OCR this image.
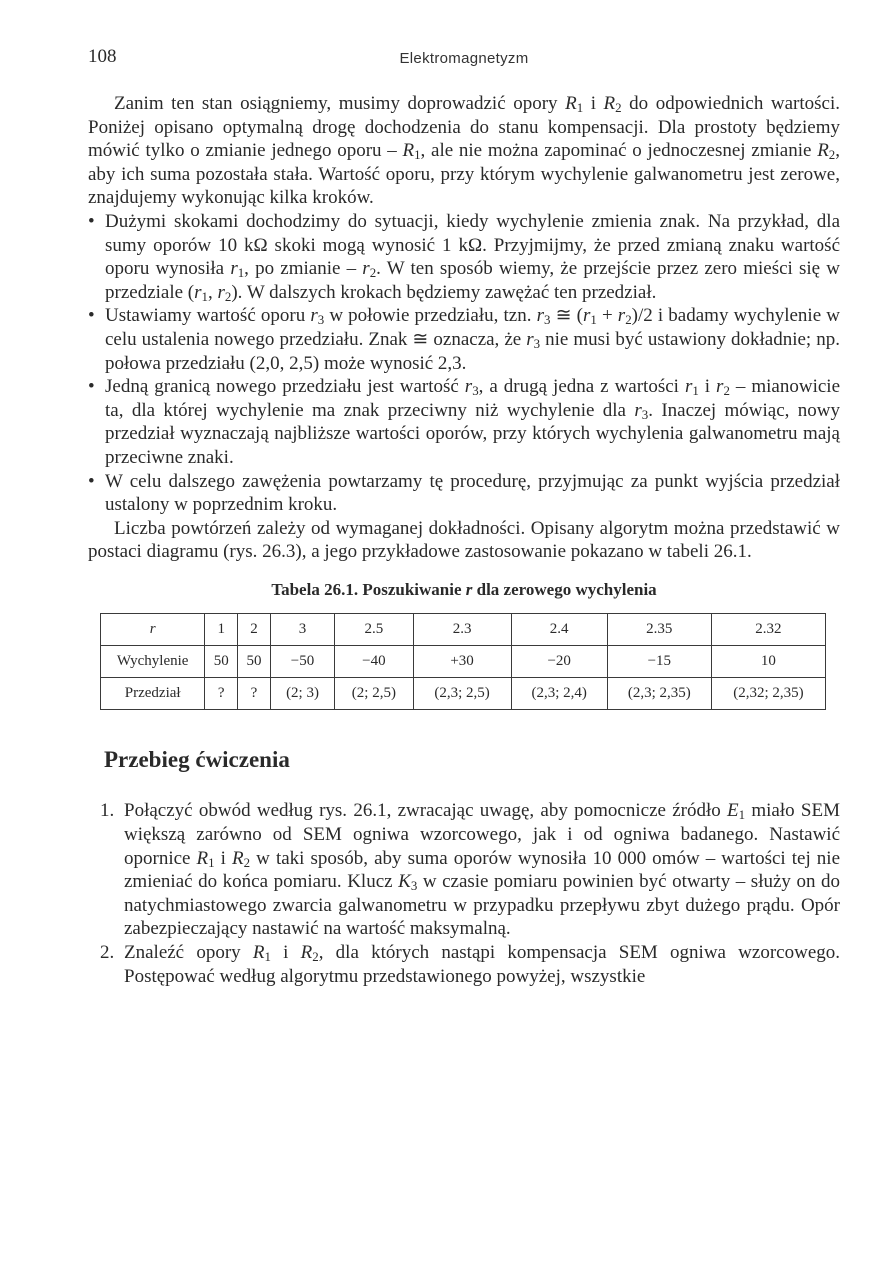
108	Elektromagnetyzm

Zanim ten stan osiągniemy, musimy doprowadzić opory $R_1$ i $R_2$ do odpowiednich wartości. Poniżej opisano optymalną drogę dochodzenia do stanu kompensacji. Dla prostoty będziemy mówić tylko o zmianie jednego oporu – $R_1$, ale nie można zapominać o jednoczesnej zmianie $R_2$, aby ich suma pozostała stała. Wartość oporu, przy którym wychylenie galwanometru jest zerowe, znajdujemy wykonując kilka kroków.

• Dużymi skokami dochodzimy do sytuacji, kiedy wychylenie zmienia znak. Na przykład, dla sumy oporów 10 kΩ skoki mogą wynosić 1 kΩ. Przyjmijmy, że przed zmianą znaku wartość oporu wynosiła $r_1$, po zmianie – $r_2$. W ten sposób wiemy, że przejście przez zero mieści się w przedziale ($r_1$, $r_2$). W dalszych krokach będziemy zawężać ten przedział.
• Ustawiamy wartość oporu $r_3$ w połowie przedziału, tzn. $r_3$ ≅ $(r_1 + r_2)/2$ i badamy wychylenie w celu ustalenia nowego przedziału. Znak ≅ oznacza, że $r_3$ nie musi być ustawiony dokładnie; np. połowa przedziału (2,0, 2,5) może wynosić 2,3.
• Jedną granicą nowego przedziału jest wartość $r_3$, a drugą jedna z wartości $r_1$ i $r_2$ – mianowicie ta, dla której wychylenie ma znak przeciwny niż wychylenie dla $r_3$. Inaczej mówiąc, nowy przedział wyznaczają najbliższe wartości oporów, przy których wychylenia galwanometru mają przeciwne znaki.
• W celu dalszego zawężenia powtarzamy tę procedurę, przyjmując za punkt wyjścia przedział ustalony w poprzednim kroku.

Liczba powtórzeń zależy od wymaganej dokładności. Opisany algorytm można przedstawić w postaci diagramu (rys. 26.3), a jego przykładowe zastosowanie pokazano w tabeli 26.1.

Tabela 26.1. Poszukiwanie r dla zerowego wychylenia
r	1	2	3	2.5	2.3	2.4	2.35	2.32
Wychylenie	50	50	−50	−40	+30	−20	−15	10
Przedział	?	?	(2; 3)	(2; 2,5)	(2,3; 2,5)	(2,3; 2,4)	(2,3; 2,35)	(2,32; 2,35)
Przebieg ćwiczenia
1. Połączyć obwód według rys. 26.1, zwracając uwagę, aby pomocnicze źródło $E_1$ miało SEM większą zarówno od SEM ogniwa wzorcowego, jak i od ogniwa badanego. Nastawić opornice $R_1$ i $R_2$ w taki sposób, aby suma oporów wynosiła 10 000 omów – wartości tej nie zmieniać do końca pomiaru. Klucz $K_3$ w czasie pomiaru powinien być otwarty – służy on do natychmiastowego zwarcia galwanometru w przypadku przepływu zbyt dużego prądu. Opór zabezpieczający nastawić na wartość maksymalną.
2. Znaleźć opory $R_1$ i $R_2$, dla których nastąpi kompensacja SEM ogniwa wzorcowego. Postępować według algorytmu przedstawionego powyżej, wszystkie
